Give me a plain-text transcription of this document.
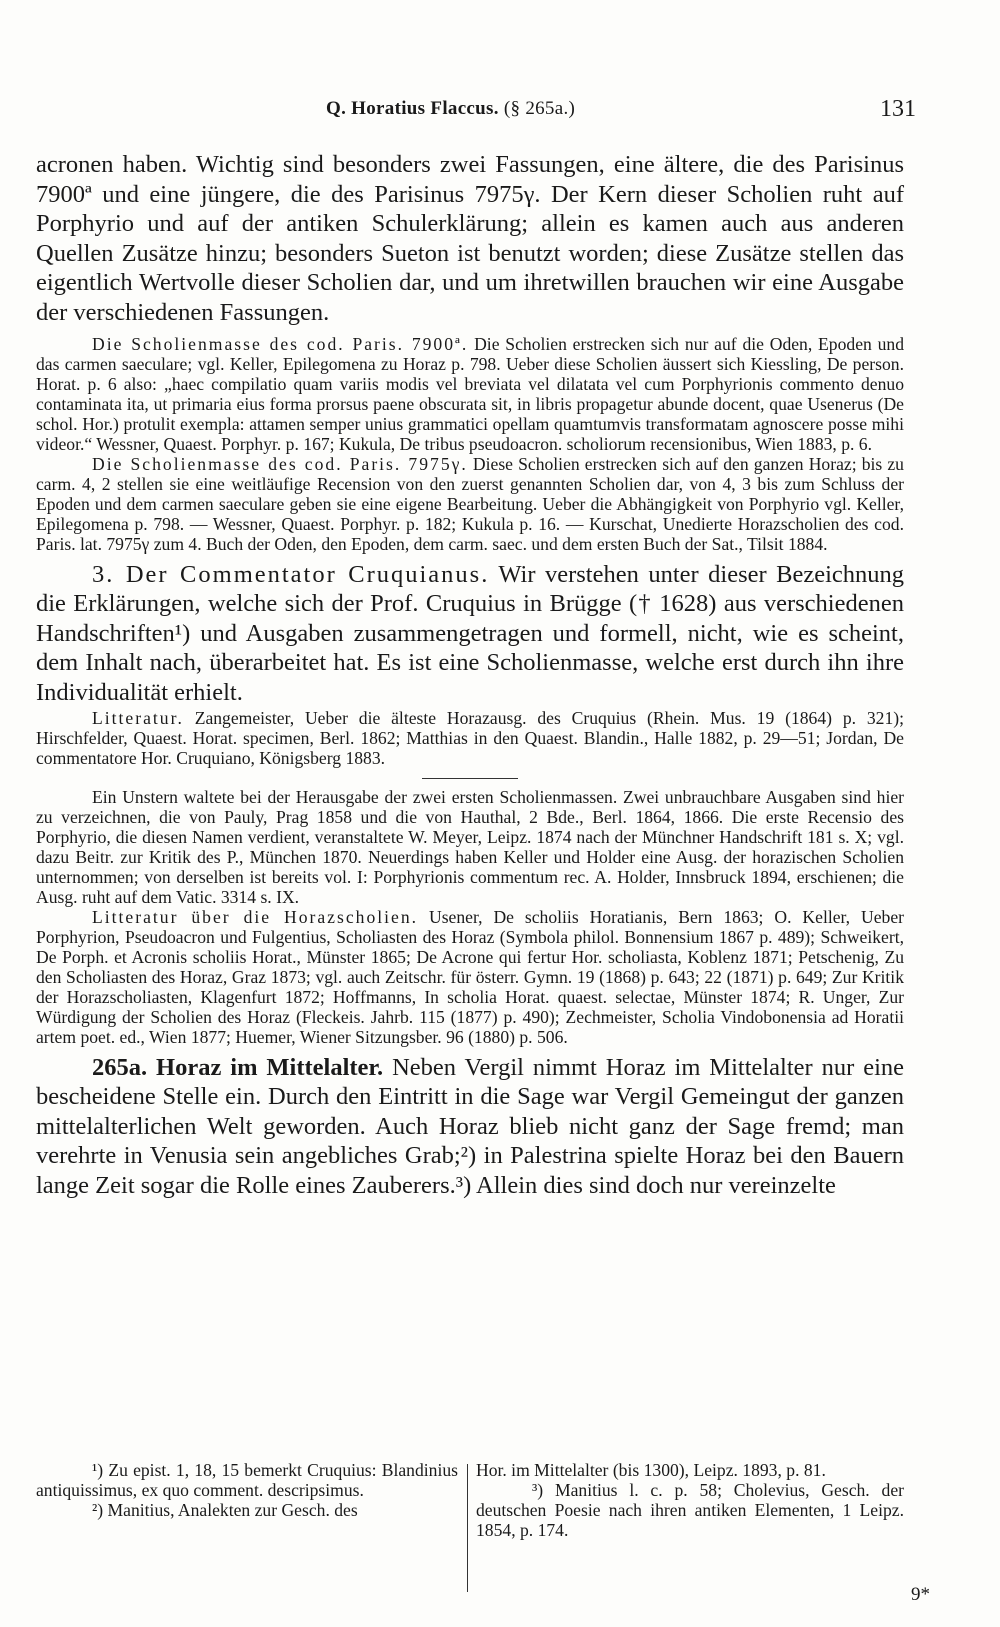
Q. Horatius Flaccus. (§ 265a.)	131

acronen haben. Wichtig sind besonders zwei Fassungen, eine ältere, die des Parisinus 7900ª und eine jüngere, die des Parisinus 7975γ. Der Kern dieser Scholien ruht auf Porphyrio und auf der antiken Schulerklärung; allein es kamen auch aus anderen Quellen Zusätze hinzu; besonders Sueton ist benutzt worden; diese Zusätze stellen das eigentlich Wertvolle dieser Scholien dar, und um ihretwillen brauchen wir eine Ausgabe der verschiedenen Fassungen.

Die Scholienmasse des cod. Paris. 7900ª. Die Scholien erstrecken sich nur auf die Oden, Epoden und das carmen saeculare; vgl. Keller, Epilegomena zu Horaz p. 798. Ueber diese Scholien äussert sich Kiessling, De person. Horat. p. 6 also: „haec compilatio quam variis modis vel breviata vel dilatata vel cum Porphyrionis commento denuo contaminata ita, ut primaria eius forma prorsus paene obscurata sit, in libris propagetur abunde docent, quae Usenerus (De schol. Hor.) protulit exempla: attamen semper unius grammatici opellam quamtumvis transformatam agnoscere posse mihi videor.“ Wessner, Quaest. Porphyr. p. 167; Kukula, De tribus pseudoacron. scholiorum recensionibus, Wien 1883, p. 6.

Die Scholienmasse des cod. Paris. 7975γ. Diese Scholien erstrecken sich auf den ganzen Horaz; bis zu carm. 4, 2 stellen sie eine weitläufige Recension von den zuerst genannten Scholien dar, von 4, 3 bis zum Schluss der Epoden und dem carmen saeculare geben sie eine eigene Bearbeitung. Ueber die Abhängigkeit von Porphyrio vgl. Keller, Epilegomena p. 798. — Wessner, Quaest. Porphyr. p. 182; Kukula p. 16. — Kurschat, Unedierte Horazscholien des cod. Paris. lat. 7975γ zum 4. Buch der Oden, den Epoden, dem carm. saec. und dem ersten Buch der Sat., Tilsit 1884.

3. Der Commentator Cruquianus. Wir verstehen unter dieser Bezeichnung die Erklärungen, welche sich der Prof. Cruquius in Brügge († 1628) aus verschiedenen Handschriften¹) und Ausgaben zusammengetragen und formell, nicht, wie es scheint, dem Inhalt nach, überarbeitet hat. Es ist eine Scholienmasse, welche erst durch ihn ihre Individualität erhielt.

Litteratur. Zangemeister, Ueber die älteste Horazausg. des Cruquius (Rhein. Mus. 19 (1864) p. 321); Hirschfelder, Quaest. Horat. specimen, Berl. 1862; Matthias in den Quaest. Blandin., Halle 1882, p. 29—51; Jordan, De commentatore Hor. Cruquiano, Königsberg 1883.

Ein Unstern waltete bei der Herausgabe der zwei ersten Scholienmassen. Zwei unbrauchbare Ausgaben sind hier zu verzeichnen, die von Pauly, Prag 1858 und die von Hauthal, 2 Bde., Berl. 1864, 1866. Die erste Recensio des Porphyrio, die diesen Namen verdient, veranstaltete W. Meyer, Leipz. 1874 nach der Münchner Handschrift 181 s. X; vgl. dazu Beitr. zur Kritik des P., München 1870. Neuerdings haben Keller und Holder eine Ausg. der horazischen Scholien unternommen; von derselben ist bereits vol. I: Porphyrionis commentum rec. A. Holder, Innsbruck 1894, erschienen; die Ausg. ruht auf dem Vatic. 3314 s. IX.

Litteratur über die Horazscholien. Usener, De scholiis Horatianis, Bern 1863; O. Keller, Ueber Porphyrion, Pseudoacron und Fulgentius, Scholiasten des Horaz (Symbola philol. Bonnensium 1867 p. 489); Schweikert, De Porph. et Acronis scholiis Horat., Münster 1865; De Acrone qui fertur Hor. scholiasta, Koblenz 1871; Petschenig, Zu den Scholiasten des Horaz, Graz 1873; vgl. auch Zeitschr. für österr. Gymn. 19 (1868) p. 643; 22 (1871) p. 649; Zur Kritik der Horazscholiasten, Klagenfurt 1872; Hoffmanns, In scholia Horat. quaest. selectae, Münster 1874; R. Unger, Zur Würdigung der Scholien des Horaz (Fleckeis. Jahrb. 115 (1877) p. 490); Zechmeister, Scholia Vindobonensia ad Horatii artem poet. ed., Wien 1877; Huemer, Wiener Sitzungsber. 96 (1880) p. 506.

265a. Horaz im Mittelalter. Neben Vergil nimmt Horaz im Mittelalter nur eine bescheidene Stelle ein. Durch den Eintritt in die Sage war Vergil Gemeingut der ganzen mittelalterlichen Welt geworden. Auch Horaz blieb nicht ganz der Sage fremd; man verehrte in Venusia sein angebliches Grab;²) in Palestrina spielte Horaz bei den Bauern lange Zeit sogar die Rolle eines Zauberers.³) Allein dies sind doch nur vereinzelte

¹) Zu epist. 1, 18, 15 bemerkt Cruquius: Blandinius antiquissimus, ex quo comment. descripsimus.

²) Manitius, Analekten zur Gesch. des

Hor. im Mittelalter (bis 1300), Leipz. 1893, p. 81.

³) Manitius l. c. p. 58; Cholevius, Gesch. der deutschen Poesie nach ihren antiken Elementen, 1 Leipz. 1854, p. 174.

9*
